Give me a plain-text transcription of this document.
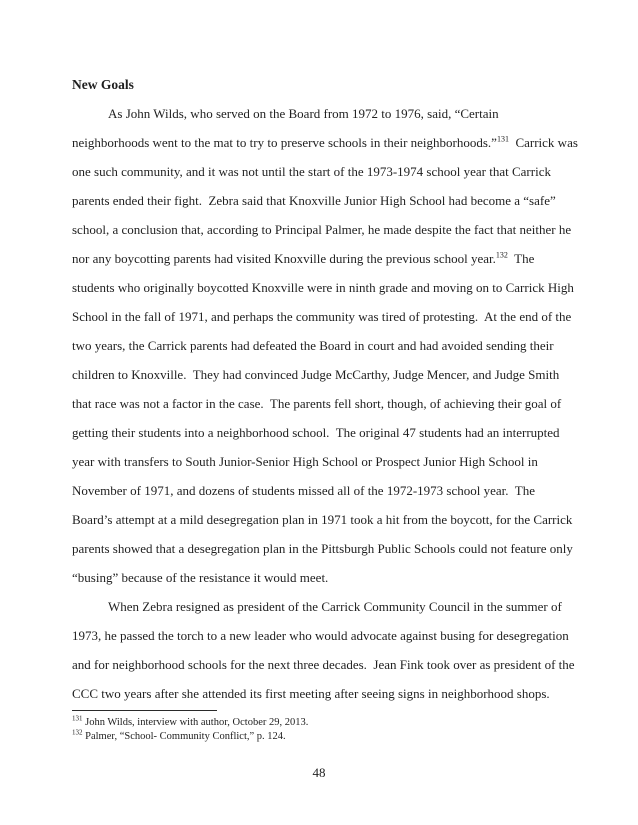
New Goals
As John Wilds, who served on the Board from 1972 to 1976, said, “Certain
neighborhoods went to the mat to try to preserve schools in their neighborhoods.”$^{131}$  Carrick was
one such community, and it was not until the start of the 1973-1974 school year that Carrick
parents ended their fight.  Zebra said that Knoxville Junior High School had become a “safe”
school, a conclusion that, according to Principal Palmer, he made despite the fact that neither he
nor any boycotting parents had visited Knoxville during the previous school year.$^{132}$  The
students who originally boycotted Knoxville were in ninth grade and moving on to Carrick High
School in the fall of 1971, and perhaps the community was tired of protesting.  At the end of the
two years, the Carrick parents had defeated the Board in court and had avoided sending their
children to Knoxville.  They had convinced Judge McCarthy, Judge Mencer, and Judge Smith
that race was not a factor in the case.  The parents fell short, though, of achieving their goal of
getting their students into a neighborhood school.  The original 47 students had an interrupted
year with transfers to South Junior-Senior High School or Prospect Junior High School in
November of 1971, and dozens of students missed all of the 1972-1973 school year.  The
Board’s attempt at a mild desegregation plan in 1971 took a hit from the boycott, for the Carrick
parents showed that a desegregation plan in the Pittsburgh Public Schools could not feature only
“busing” because of the resistance it would meet.
When Zebra resigned as president of the Carrick Community Council in the summer of
1973, he passed the torch to a new leader who would advocate against busing for desegregation
and for neighborhood schools for the next three decades.  Jean Fink took over as president of the
CCC two years after she attended its first meeting after seeing signs in neighborhood shops.
$^{131}$ John Wilds, interview with author, October 29, 2013.
$^{132}$ Palmer, “School- Community Conflict,” p. 124.
48
